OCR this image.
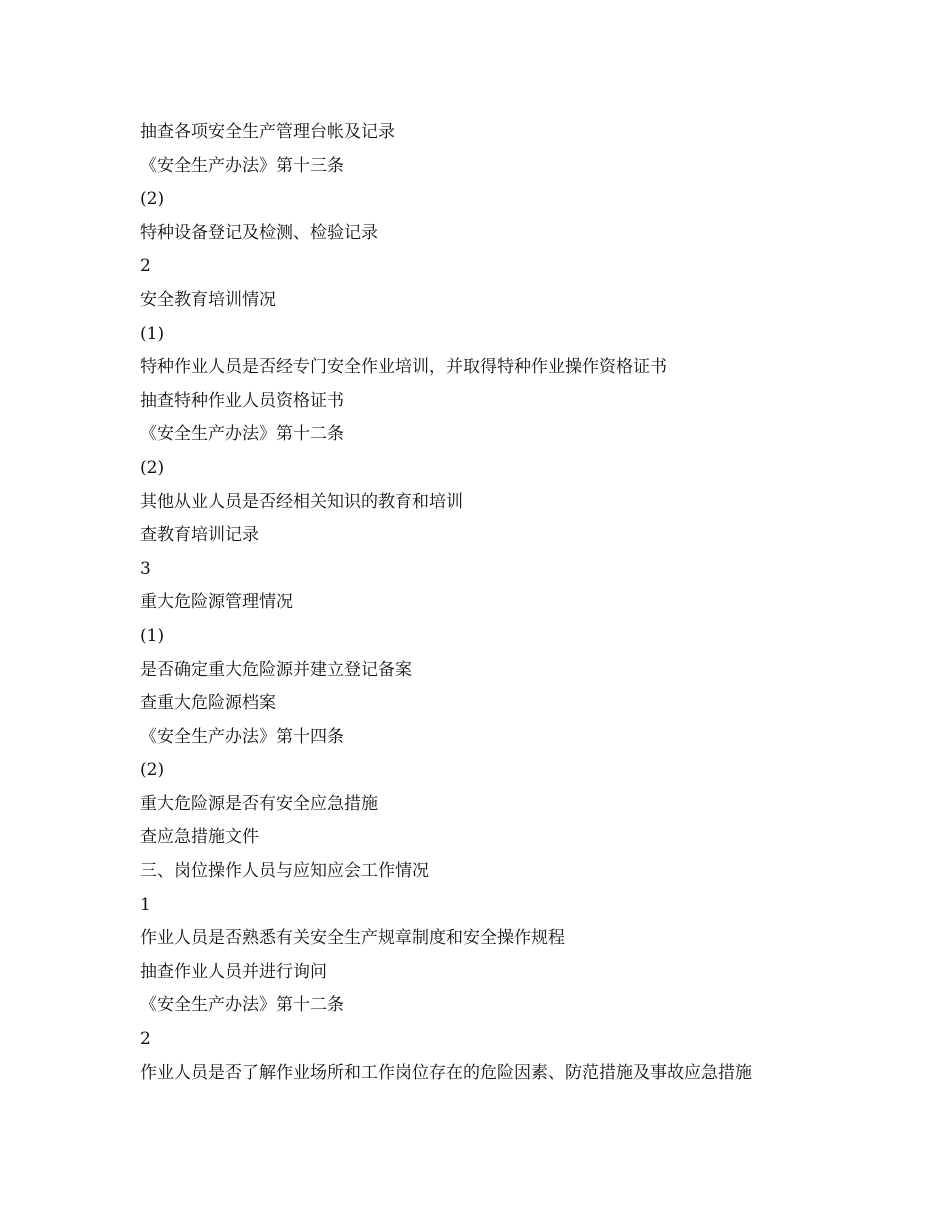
抽查各项安全生产管理台帐及记录
《安全生产办法》第十三条
(2)
特种设备登记及检测、检验记录
2
安全教育培训情况
(1)
特种作业人员是否经专门安全作业培训，并取得特种作业操作资格证书
抽查特种作业人员资格证书
《安全生产办法》第十二条
(2)
其他从业人员是否经相关知识的教育和培训
查教育培训记录
3
重大危险源管理情况
(1)
是否确定重大危险源并建立登记备案
查重大危险源档案
《安全生产办法》第十四条
(2)
重大危险源是否有安全应急措施
查应急措施文件
三、岗位操作人员与应知应会工作情况
1
作业人员是否熟悉有关安全生产规章制度和安全操作规程
抽查作业人员并进行询问
《安全生产办法》第十二条
2
作业人员是否了解作业场所和工作岗位存在的危险因素、防范措施及事故应急措施
